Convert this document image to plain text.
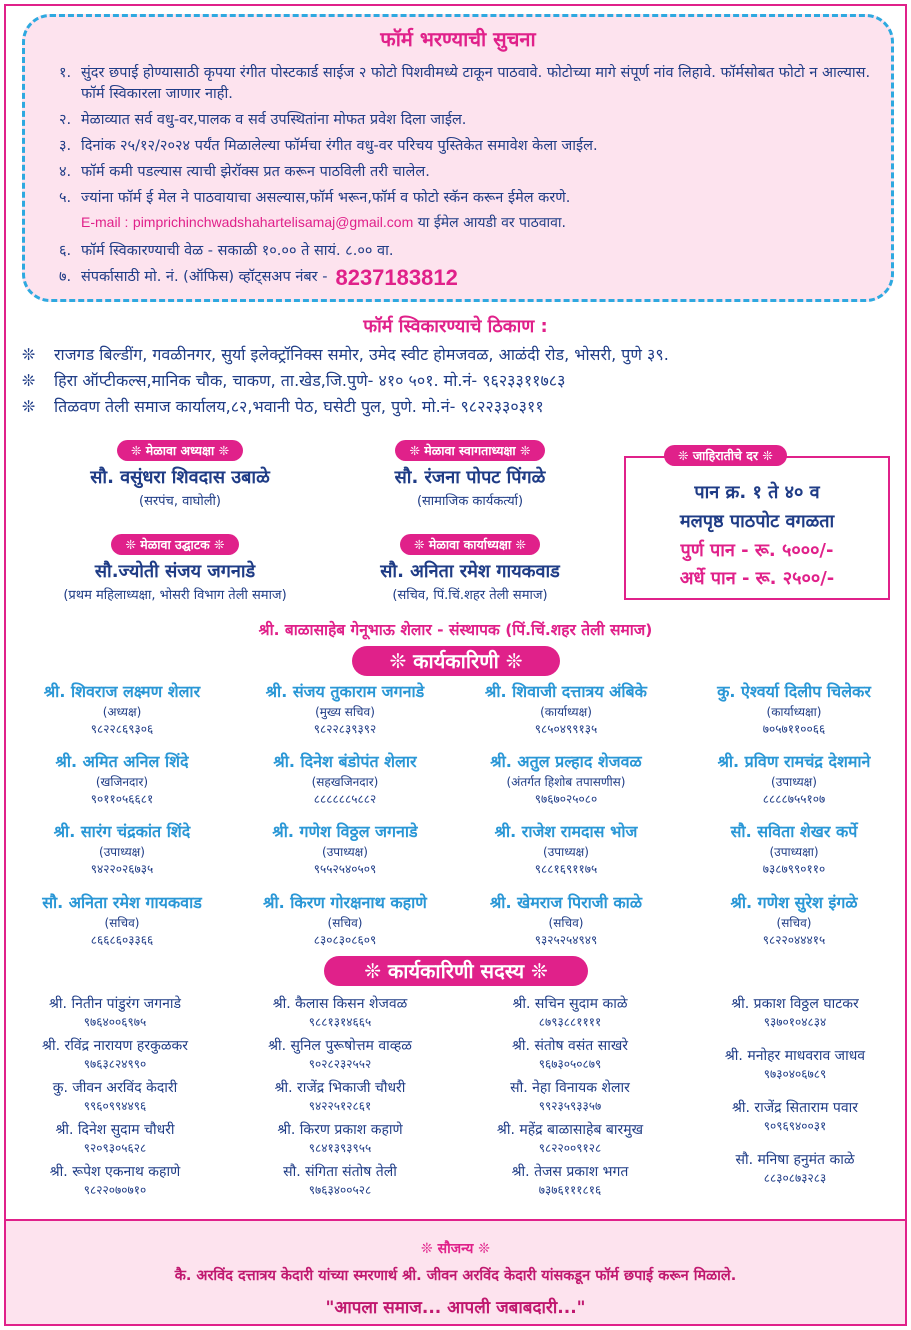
फॉर्म भरण्याची सुचना
१. सुंदर छपाई होण्यासाठी कृपया रंगीत पोस्टकार्ड साईज २ फोटो पिशवीमध्ये टाकून पाठवावे. फोटोच्या मागे संपूर्ण नांव लिहावे. फॉर्मसोबत फोटो न आल्यास. फॉर्म स्विकारला जाणार नाही.
२. मेळाव्यात सर्व वधु-वर,पालक व सर्व उपस्थितांना मोफत प्रवेश दिला जाईल.
३. दिनांक २५/१२/२०२४ पर्यंत मिळालेल्या फॉर्मचा रंगीत वधु-वर परिचय पुस्तिकेत समावेश केला जाईल.
४. फॉर्म कमी पडल्यास त्याची झेरॉक्स प्रत करून पाठविली तरी चालेल.
५. ज्यांना फॉर्म ई मेल ने पाठवायाचा असल्यास,फॉर्म भरून,फॉर्म व फोटो स्कॅन करून ईमेल करणे.
E-mail : pimprichinchwadshahartelisamaj@gmail.com या ईमेल आयडी वर पाठवावा.
६. फॉर्म स्विकारण्याची वेळ - सकाळी १०.०० ते सायं. ८.०० वा.
७. संपर्कासाठी मो. नं. (ऑफिस) व्हॉट्सअप नंबर - 8237183812
फॉर्म स्विकारण्याचे ठिकाण :
❊	राजगड बिल्डींग, गवळीनगर, सुर्या इलेक्ट्रॉनिक्स समोर, उमेद स्वीट होमजवळ, आळंदी रोड, भोसरी, पुणे ३९.
❊	हिरा ऑप्टीकल्स,मानिक चौक, चाकण, ता.खेड,जि.पुणे- ४१० ५०१. मो.नं- ९६२३३११७८३
❊	तिळवण तेली समाज कार्यालय,८२,भवानी पेठ, घसेटी पुल, पुणे. मो.नं- ९८२२३३०३११
❊ मेळावा अध्यक्षा ❊
सौ. वसुंधरा शिवदास उबाळे
(सरपंच, वाघोली)
❊ मेळावा स्वागताध्यक्षा ❊
सौ. रंजना पोपट पिंगळे
(सामाजिक कार्यकर्त्या)
❊ मेळावा उद्घाटक ❊
सौ.ज्योती संजय जगनाडे
(प्रथम महिलाध्यक्षा, भोसरी विभाग तेली समाज)
❊ मेळावा कार्याध्यक्षा ❊
सौ. अनिता रमेश गायकवाड
(सचिव, पिं.चिं.शहर तेली समाज)
❊ जाहिरातीचे दर ❊
पान क्र. १ ते ४० व
मलपृष्ठ पाठपोट वगळता
पुर्ण पान - रू. ५०००/-
अर्धे पान - रू. २५००/-
श्री. बाळासाहेब गेनूभाऊ शेलार - संस्थापक (पिं.चिं.शहर तेली समाज)
❊ कार्यकारिणी ❊
श्री. शिवराज लक्ष्मण शेलार
(अध्यक्ष)
९८२२८६९३०६
श्री. संजय तुकाराम जगनाडे
(मुख्य सचिव)
९८२२८३९३९२
श्री. शिवाजी दत्तात्रय अंबिके
(कार्याध्यक्ष)
९८५०४९९१३५
कु. ऐश्वर्या दिलीप चिलेकर
(कार्याध्यक्षा)
७०५७११००६६
श्री. अमित अनिल शिंदे
(खजिनदार)
९०११०५६६८१
श्री. दिनेश बंडोपंत शेलार
(सहखजिनदार)
८८८८८८५८८२
श्री. अतुल प्रल्हाद शेजवळ
(अंतर्गत हिशोब तपासणीस)
९७६७०२५०८०
श्री. प्रविण रामचंद्र देशमाने
(उपाध्यक्ष)
८८८८७५५१०७
श्री. सारंग चंद्रकांत शिंदे
(उपाध्यक्ष)
९४२२०२६७३५
श्री. गणेश विठ्ठल जगनाडे
(उपाध्यक्ष)
९५५२५४०५०९
श्री. राजेश रामदास भोज
(उपाध्यक्ष)
९८८१६९११७५
सौ. सविता शेखर कर्पे
(उपाध्यक्षा)
७३८७९९०११०
सौ. अनिता रमेश गायकवाड
(सचिव)
८६६८६०३३६६
श्री. किरण गोरक्षनाथ कहाणे
(सचिव)
८३०८३०८६०९
श्री. खेमराज पिराजी काळे
(सचिव)
९३२५२५४९४९
श्री. गणेश सुरेश इंगळे
(सचिव)
९८२२०४४४१५
❊ कार्यकारिणी सदस्य ❊
श्री. नितीन पांडुरंग जगनाडे
९७६४००६९७५
श्री. रविंद्र नारायण हरकुळकर
९७६३८२४९९०
कु. जीवन अरविंद केदारी
९९६०९९४४९६
श्री. दिनेश सुदाम चौधरी
९२०९३०५६२८
श्री. रूपेश एकनाथ कहाणे
९८२२०७०७१०
श्री. कैलास किसन शेजवळ
९८८१३१४६६५
श्री. सुनिल पुरूषोत्तम वाव्हळ
९०२८२३२५५२
श्री. राजेंद्र भिकाजी चौधरी
९४२२५१२८६१
श्री. किरण प्रकाश कहाणे
९८४१३९३९५५
सौ. संगिता संतोष तेली
९७६३४००५२८
श्री. सचिन सुदाम काळे
८७९३८८११११
श्री. संतोष वसंत साखरे
९६७३०५०८७९
सौ. नेहा विनायक शेलार
९९२३५९३३५७
श्री. महेंद्र बाळासाहेब बारमुख
९८२२००९१२८
श्री. तेजस प्रकाश भगत
७३७६१११८१६
श्री. प्रकाश विठ्ठल घाटकर
९३७०१०४८३४
श्री. मनोहर माधवराव जाधव
९७३०४०६७८९
श्री. राजेंद्र सिताराम पवार
९०९६९४००३१
सौ. मनिषा हनुमंत काळे
८८३०८७३२८३
❊ सौजन्य ❊
कै. अरविंद दत्तात्रय केदारी यांच्या स्मरणार्थ श्री. जीवन अरविंद केदारी यांसकडून फॉर्म छपाई करून मिळाले.
"आपला समाज... आपली जबाबदारी..."
